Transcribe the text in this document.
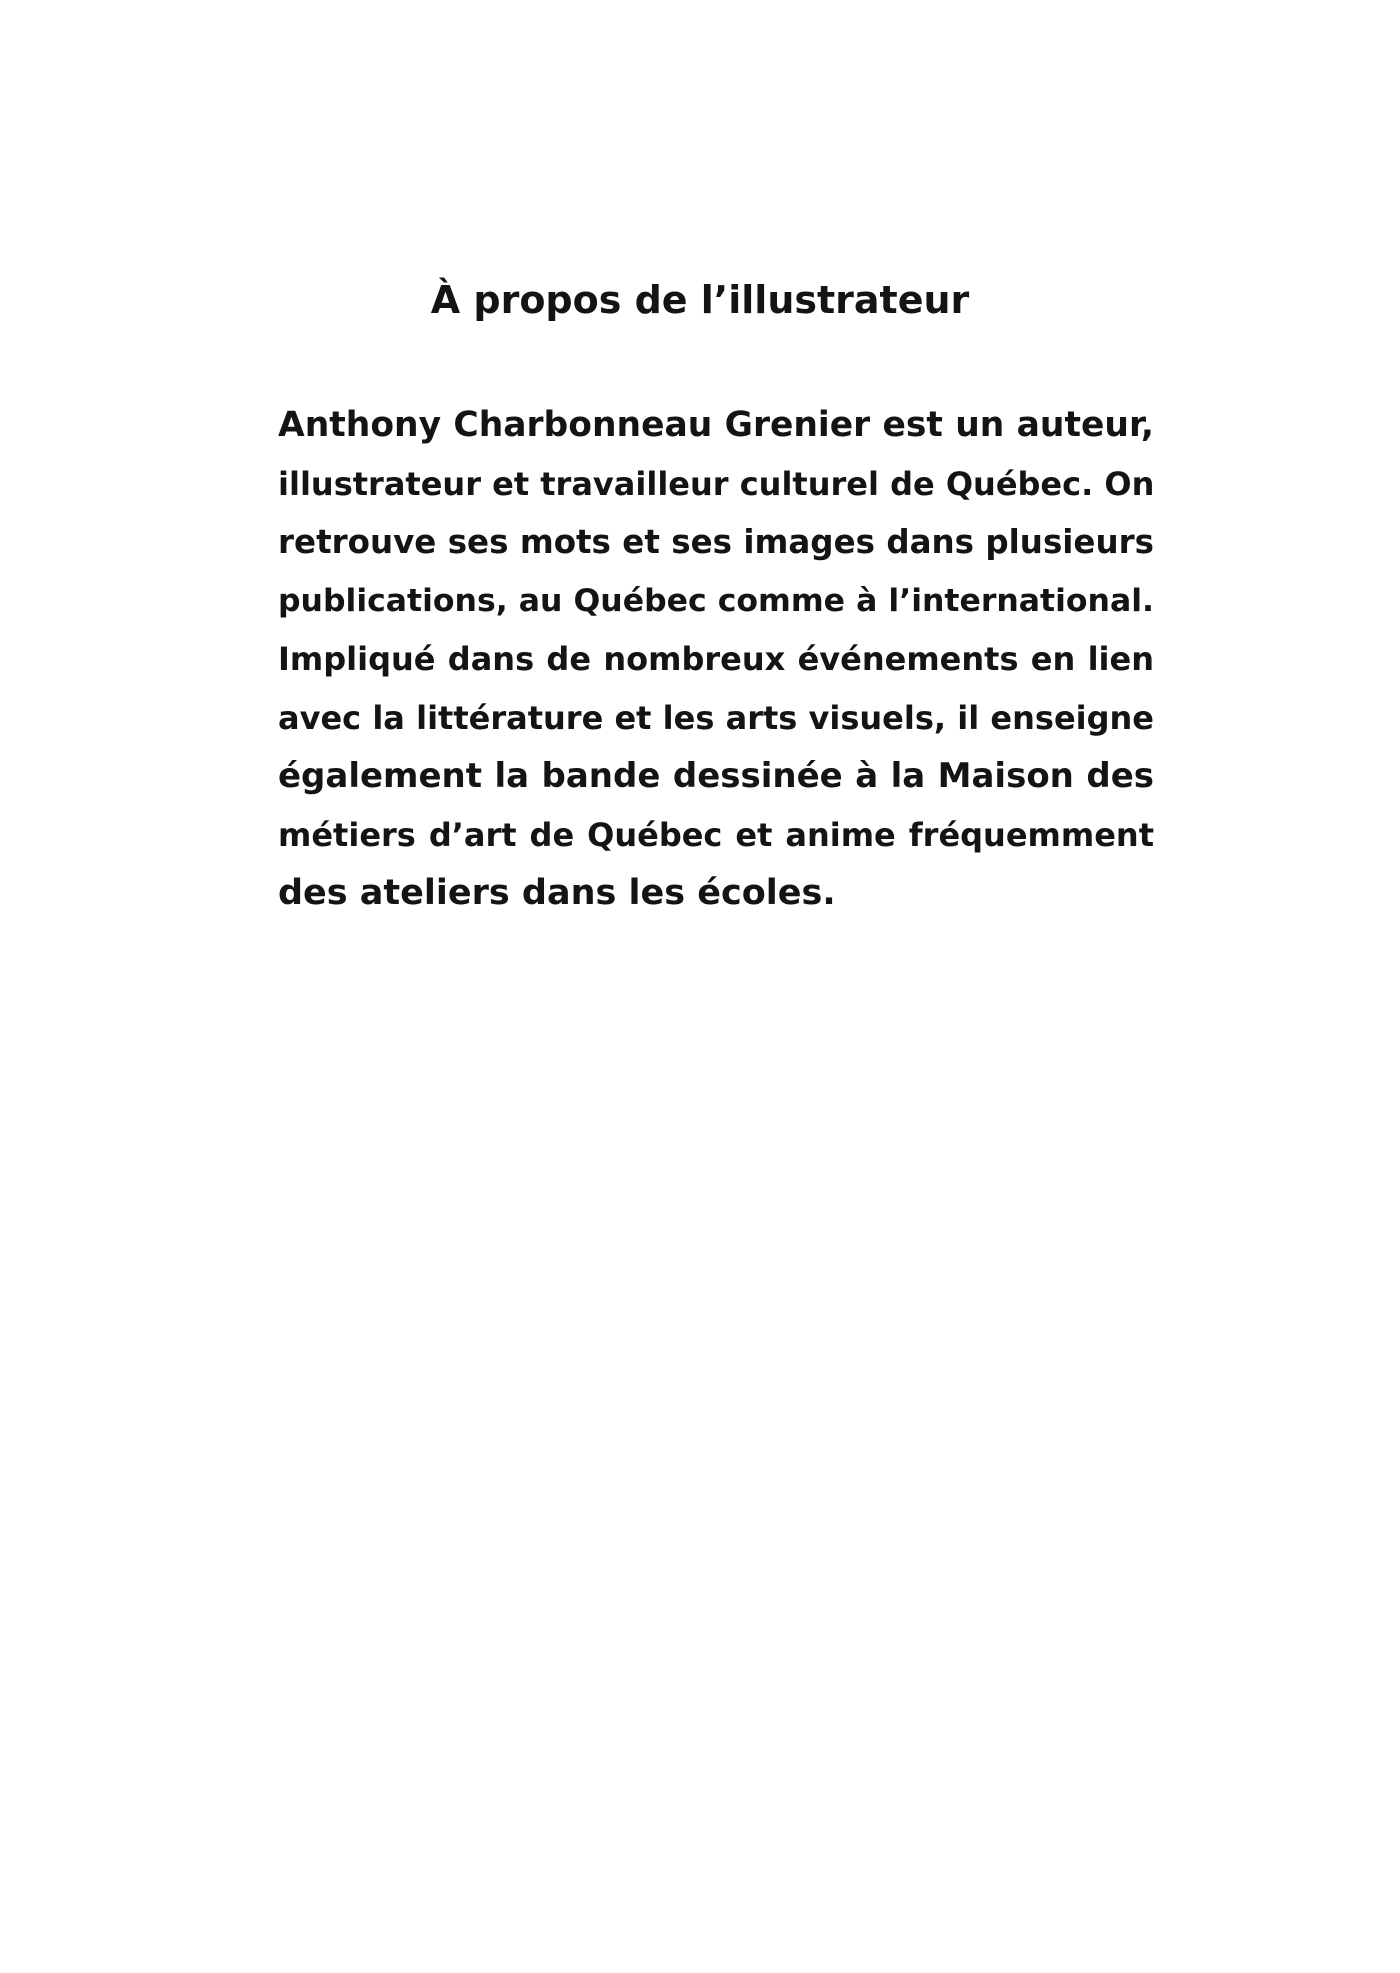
À propos de l’illustrateur
Anthony Charbonneau Grenier est un auteur,
illustrateur et travailleur culturel de Québec. On
retrouve ses mots et ses images dans plusieurs
publications, au Québec comme à l’international.
Impliqué dans de nombreux événements en lien
avec la littérature et les arts visuels, il enseigne
également la bande dessinée à la Maison des
métiers d’art de Québec et anime fréquemment
des ateliers dans les écoles.
